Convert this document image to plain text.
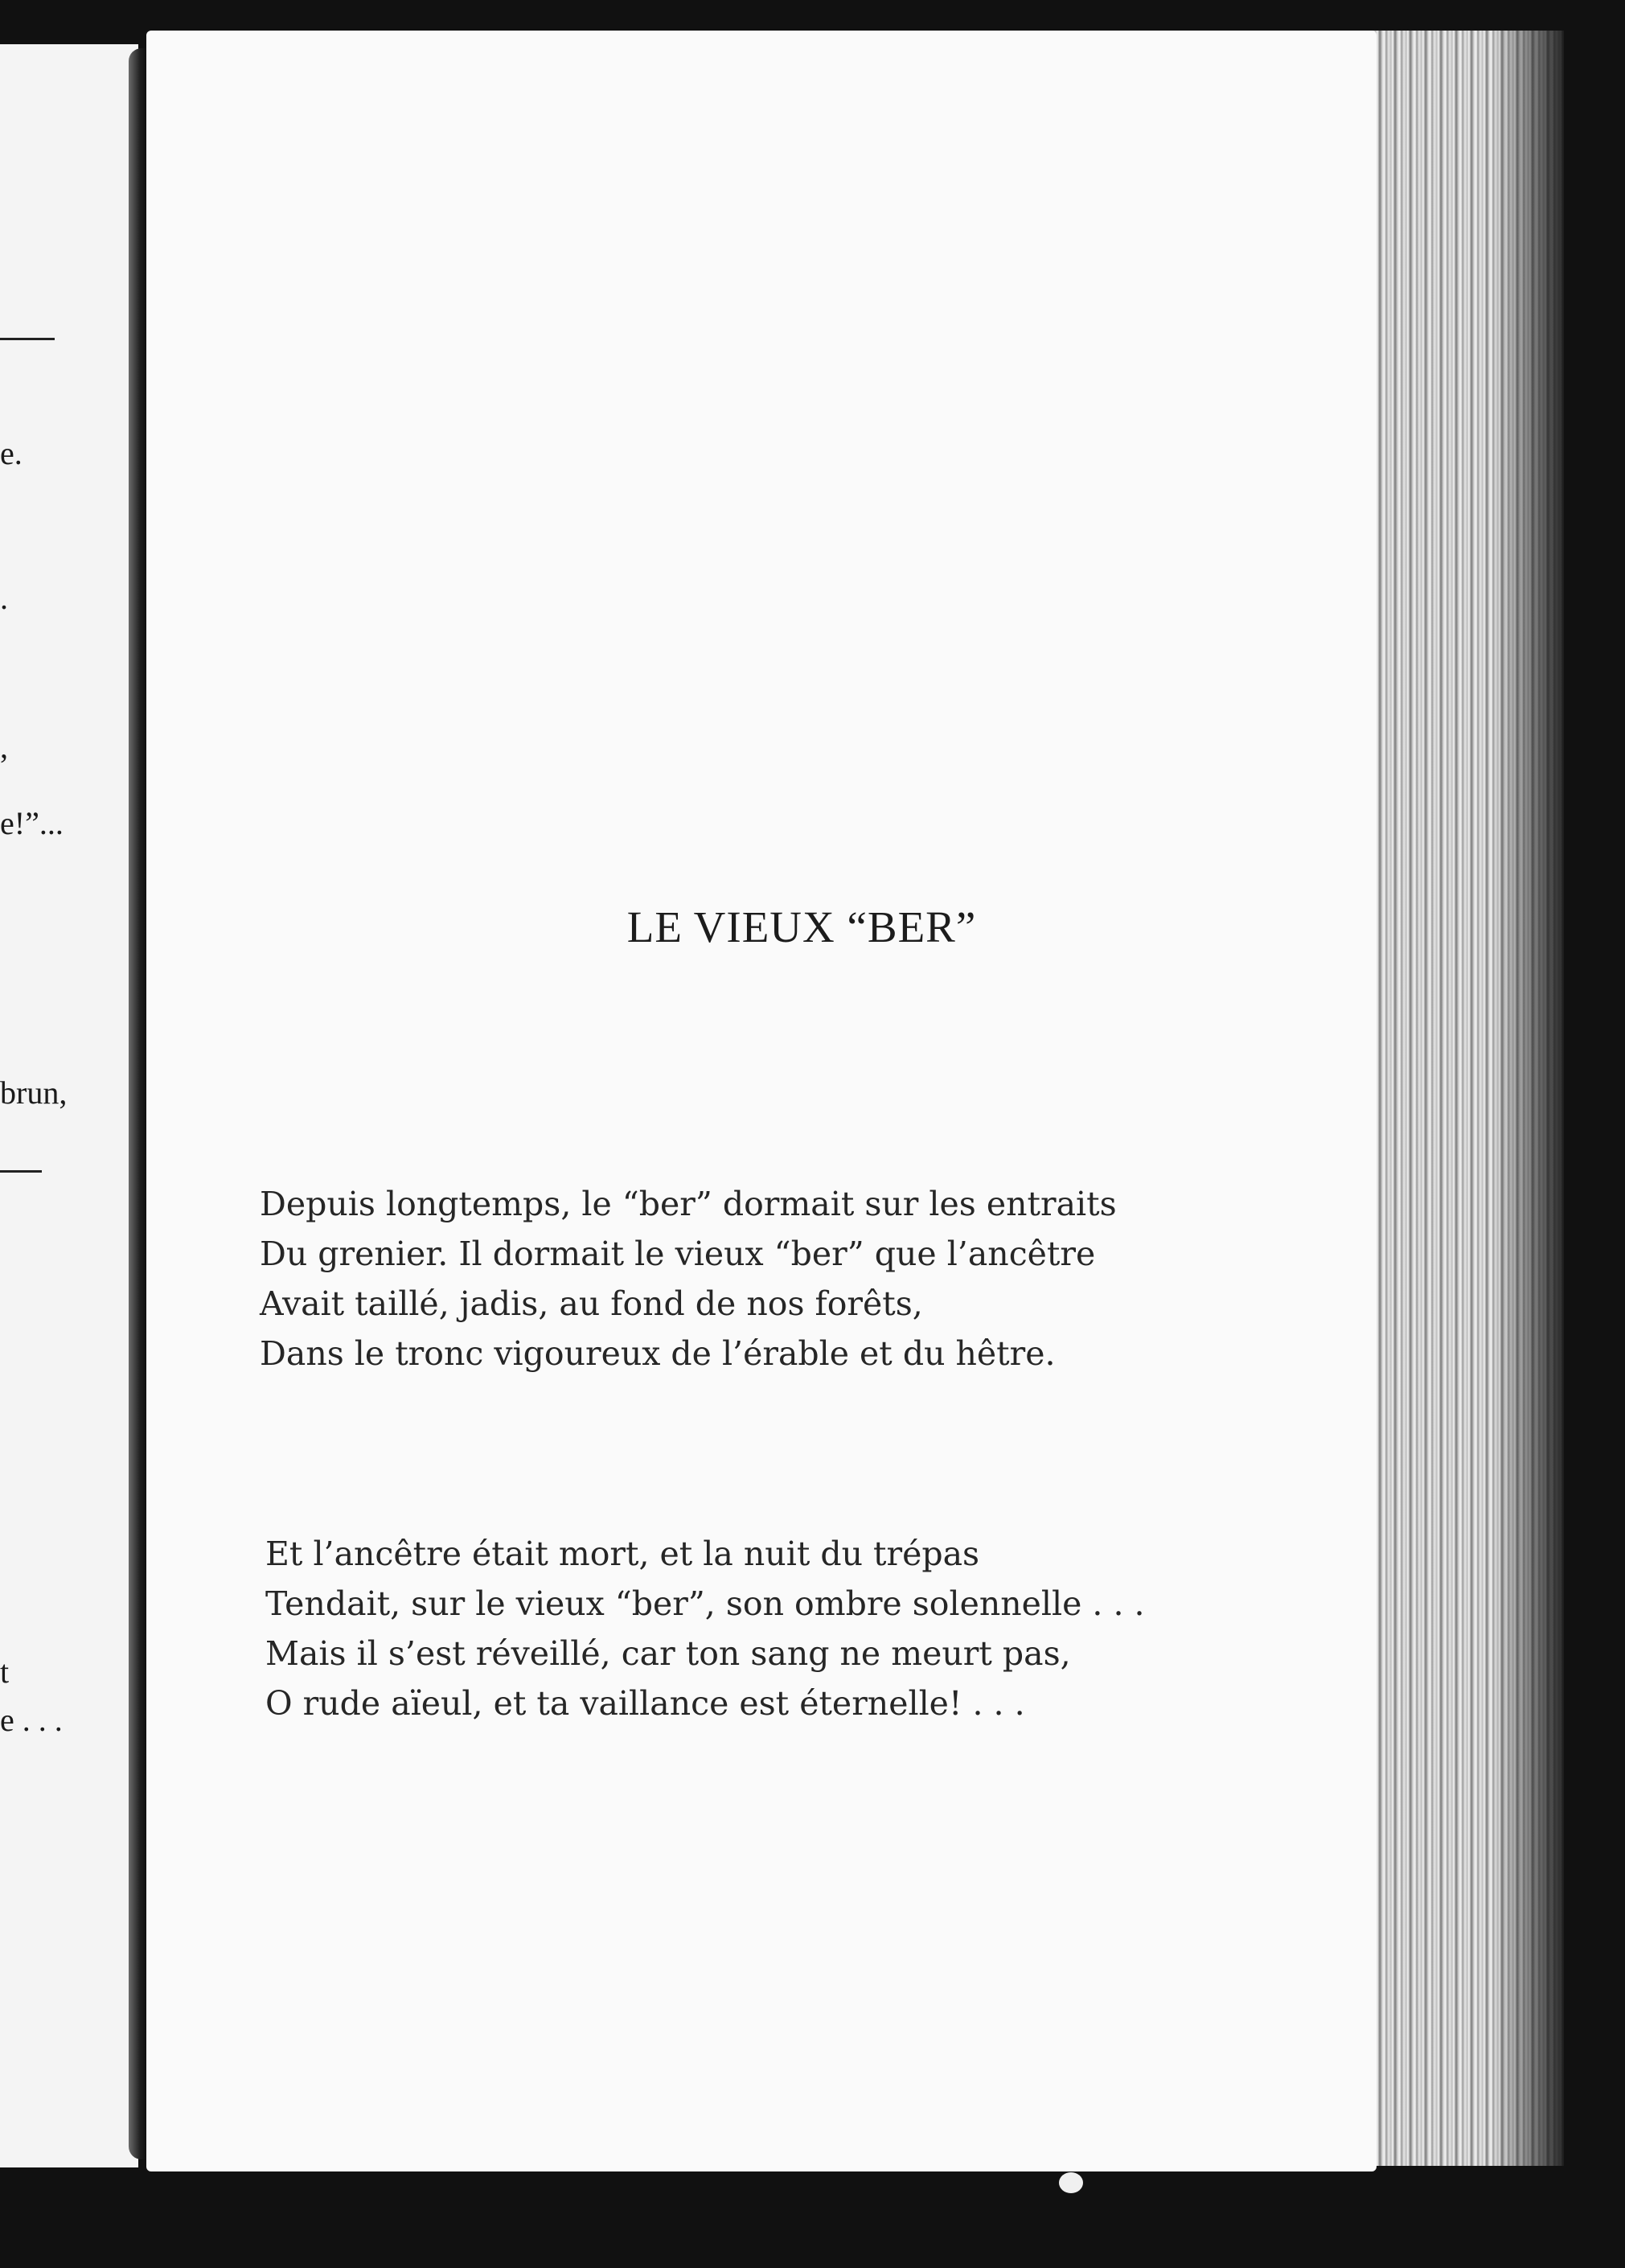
e.
.
,
e!”...
brun,
t
e . . .
LE VIEUX “BER”
Depuis longtemps, le “ber” dormait sur les entraits
Du grenier. Il dormait le vieux “ber” que l’ancêtre
Avait taillé, jadis, au fond de nos forêts,
Dans le tronc vigoureux de l’érable et du hêtre.
Et l’ancêtre était mort, et la nuit du trépas
Tendait, sur le vieux “ber”, son ombre solennelle . . .
Mais il s’est réveillé, car ton sang ne meurt pas,
O rude aïeul, et ta vaillance est éternelle! . . .
